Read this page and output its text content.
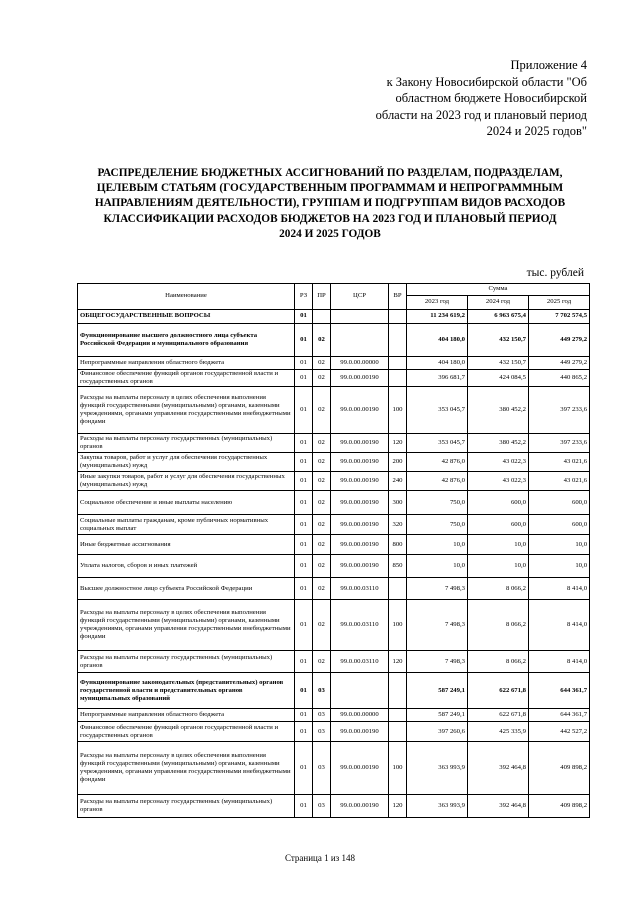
Приложение 4
к Закону Новосибирской области "Об
областном бюджете Новосибирской
области на 2023 год и плановый период
2024 и 2025 годов"
РАСПРЕДЕЛЕНИЕ БЮДЖЕТНЫХ АССИГНОВАНИЙ ПО РАЗДЕЛАМ, ПОДРАЗДЕЛАМ,
ЦЕЛЕВЫМ СТАТЬЯМ (ГОСУДАРСТВЕННЫМ ПРОГРАММАМ И НЕПРОГРАММНЫМ
НАПРАВЛЕНИЯМ ДЕЯТЕЛЬНОСТИ), ГРУППАМ И ПОДГРУППАМ ВИДОВ РАСХОДОВ
КЛАССИФИКАЦИИ РАСХОДОВ БЮДЖЕТОВ НА 2023 ГОД И ПЛАНОВЫЙ ПЕРИОД
2024 И 2025 ГОДОВ
тыс. рублей
Наименование	РЗ	ПР	ЦСР	ВР	Сумма		
					2023 год	2024 год	2025 год
ОБЩЕГОСУДАРСТВЕННЫЕ ВОПРОСЫ	01				11 234 619,2	6 963 675,4	7 702 574,5
Функционирование высшего должностного лица субъекта Российской Федерации и муниципального образования	01	02			404 180,0	432 150,7	449 279,2
Непрограммные направления областного бюджета	01	02	99.0.00.00000		404 180,0	432 150,7	449 279,2
Финансовое обеспечение функций органов государственной власти и государственных органов	01	02	99.0.00.00190		396 681,7	424 084,5	440 865,2
Расходы на выплаты персоналу в целях обеспечения выполнения функций государственными (муниципальными) органами, казенными учреждениями, органами управления государственными внебюджетными фондами	01	02	99.0.00.00190	100	353 045,7	380 452,2	397 233,6
Расходы на выплаты персоналу государственных (муниципальных) органов	01	02	99.0.00.00190	120	353 045,7	380 452,2	397 233,6
Закупка товаров, работ и услуг для обеспечения государственных (муниципальных) нужд	01	02	99.0.00.00190	200	42 876,0	43 022,3	43 021,6
Иные закупки товаров, работ и услуг для обеспечения государственных (муниципальных) нужд	01	02	99.0.00.00190	240	42 876,0	43 022,3	43 021,6
Социальное обеспечение и иные выплаты населению	01	02	99.0.00.00190	300	750,0	600,0	600,0
Социальные выплаты гражданам, кроме публичных нормативных социальных выплат	01	02	99.0.00.00190	320	750,0	600,0	600,0
Иные бюджетные ассигнования	01	02	99.0.00.00190	800	10,0	10,0	10,0
Уплата налогов, сборов и иных платежей	01	02	99.0.00.00190	850	10,0	10,0	10,0
Высшее должностное лицо субъекта Российской Федерации	01	02	99.0.00.03110		7 498,3	8 066,2	8 414,0
Расходы на выплаты персоналу в целях обеспечения выполнения функций государственными (муниципальными) органами, казенными учреждениями, органами управления государственными внебюджетными фондами	01	02	99.0.00.03110	100	7 498,3	8 066,2	8 414,0
Расходы на выплаты персоналу государственных (муниципальных) органов	01	02	99.0.00.03110	120	7 498,3	8 066,2	8 414,0
Функционирование законодательных (представительных) органов государственной власти и представительных органов муниципальных образований	01	03			587 249,1	622 671,8	644 361,7
Непрограммные направления областного бюджета	01	03	99.0.00.00000		587 249,1	622 671,8	644 361,7
Финансовое обеспечение функций органов государственной власти и государственных органов	01	03	99.0.00.00190		397 260,6	425 335,9	442 527,2
Расходы на выплаты персоналу в целях обеспечения выполнения функций государственными (муниципальными) органами, казенными учреждениями, органами управления государственными внебюджетными фондами	01	03	99.0.00.00190	100	363 993,9	392 464,8	409 898,2
Расходы на выплаты персоналу государственных (муниципальных) органов	01	03	99.0.00.00190	120	363 993,9	392 464,8	409 898,2
Страница 1 из 148
